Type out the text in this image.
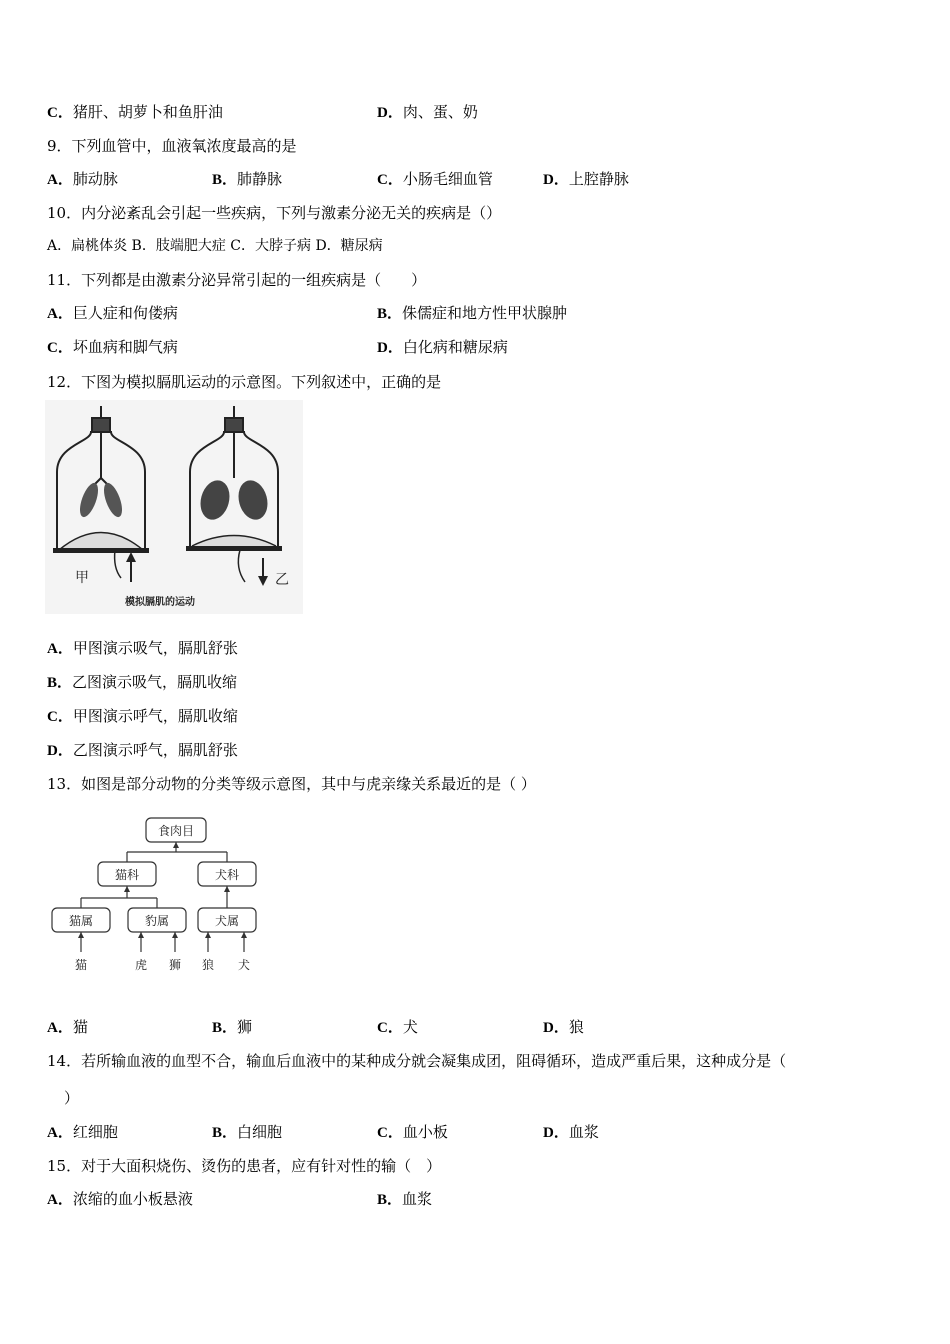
C．猪肝、胡萝卜和鱼肝油	D．肉、蛋、奶
9．下列血管中，血液氧浓度最高的是
A．肺动脉	B．肺静脉	C．小肠毛细血管	D．上腔静脉
10．内分泌紊乱会引起一些疾病，下列与激素分泌无关的疾病是（）
A．扁桃体炎 B．肢端肥大症 C．大脖子病 D．糖尿病
11．下列都是由激素分泌异常引起的一组疾病是（　　）
A．巨人症和佝偻病	B．侏儒症和地方性甲状腺肿
C．坏血病和脚气病	D．白化病和糖尿病
12．下图为模拟膈肌运动的示意图。下列叙述中，正确的是
甲	乙
模拟膈肌的运动
A．甲图演示吸气，膈肌舒张
B．乙图演示吸气，膈肌收缩
C．甲图演示呼气，膈肌收缩
D．乙图演示呼气，膈肌舒张
13．如图是部分动物的分类等级示意图，其中与虎亲缘关系最近的是（ ）
食肉目
猫科	犬科
猫属	豹属	犬属
猫	虎 狮 狼 犬
A．猫	B．狮	C．犬	D．狼
14．若所输血液的血型不合，输血后血液中的某种成分就会凝集成团，阻碍循环，造成严重后果，这种成分是（
）
A．红细胞	B．白细胞	C．血小板	D．血浆
15．对于大面积烧伤、烫伤的患者，应有针对性的输（　）
A．浓缩的血小板悬液	B．血浆
